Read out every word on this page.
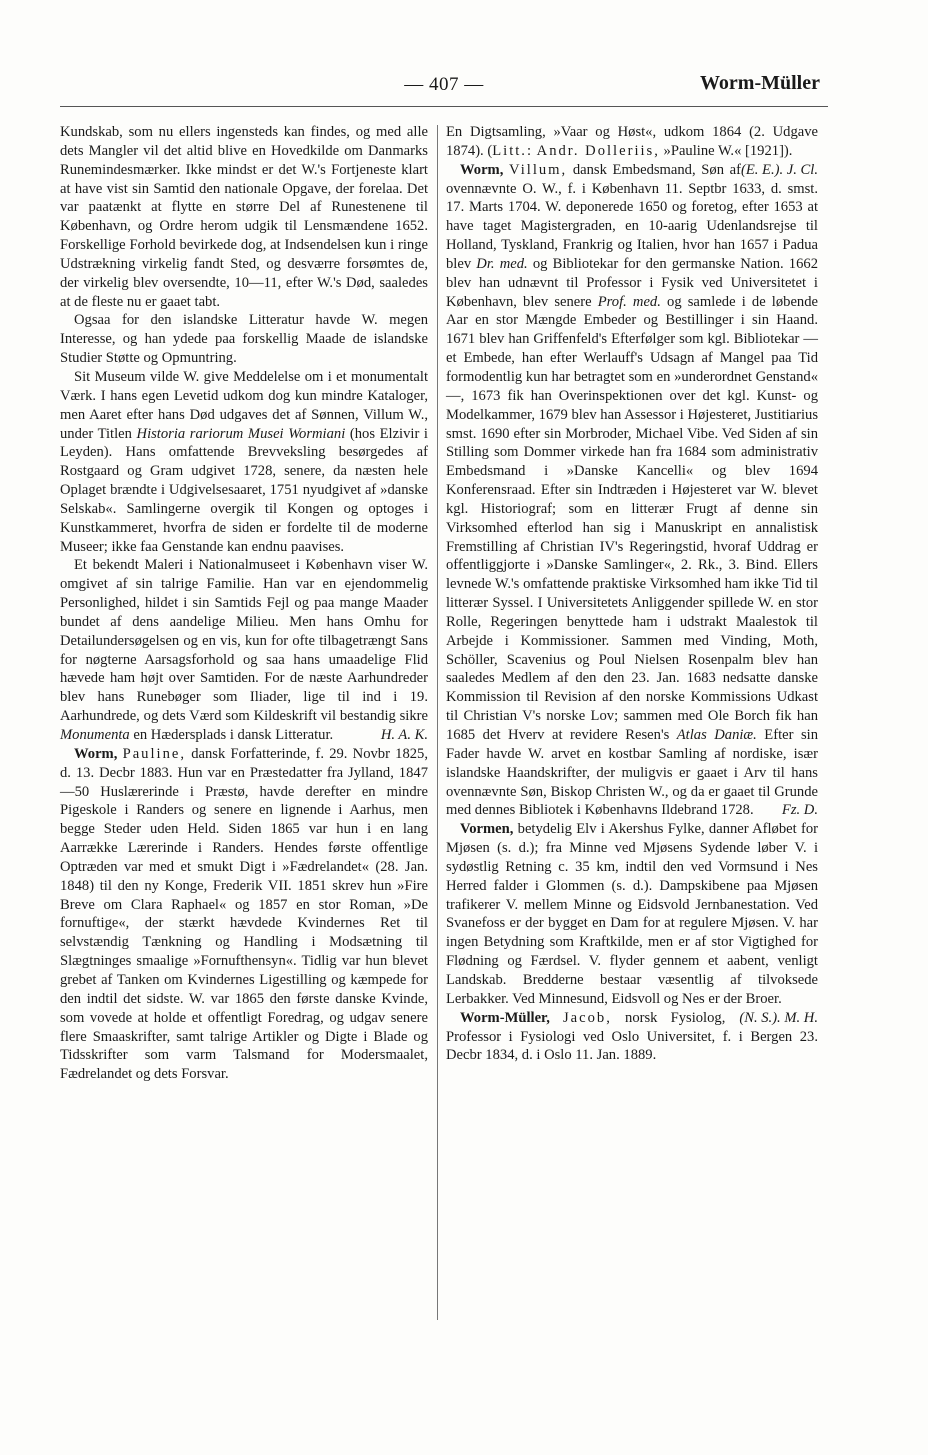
— 407 —	Worm-Müller

Kundskab, som nu ellers ingensteds kan findes, og med alle dets Mangler vil det altid blive en Hovedkilde om Danmarks Runemindesmærker. Ikke mindst er det W.'s Fortjeneste klart at have vist sin Samtid den nationale Opgave, der forelaa. Det var paatænkt at flytte en større Del af Runestenene til København, og Ordre herom udgik til Lensmændene 1652. Forskellige Forhold bevirkede dog, at Indsendelsen kun i ringe Udstrækning virkelig fandt Sted, og desværre forsømtes de, der virkelig blev oversendte, 10—11, efter W.'s Død, saaledes at de fleste nu er gaaet tabt.

Ogsaa for den islandske Litteratur havde W. megen Interesse, og han ydede paa forskellig Maade de islandske Studier Støtte og Opmuntring.

Sit Museum vilde W. give Meddelelse om i et monumentalt Værk. I hans egen Levetid udkom dog kun mindre Kataloger, men Aaret efter hans Død udgaves det af Sønnen, Villum W., under Titlen Historia rariorum Musei Wormiani (hos Elzivir i Leyden). Hans omfattende Brevveksling besørgedes af Rostgaard og Gram udgivet 1728, senere, da næsten hele Oplaget brændte i Udgivelsesaaret, 1751 nyudgivet af »danske Selskab«. Samlingerne overgik til Kongen og optoges i Kunstkammeret, hvorfra de siden er fordelte til de moderne Museer; ikke faa Genstande kan endnu paavises.

Et bekendt Maleri i Nationalmuseet i København viser W. omgivet af sin talrige Familie. Han var en ejendommelig Personlighed, hildet i sin Samtids Fejl og paa mange Maader bundet af dens aandelige Milieu. Men hans Omhu for Detailundersøgelsen og en vis, kun for ofte tilbagetrængt Sans for nøgterne Aarsagsforhold og saa hans umaadelige Flid hævede ham højt over Samtiden. For de næste Aarhundreder blev hans Runebøger som Iliader, lige til ind i 19. Aarhundrede, og dets Værd som Kildeskrift vil bestandig sikre Monumenta en Hædersplads i dansk Litteratur.	H. A. K.

Worm, Pauline, dansk Forfatterinde, f. 29. Novbr 1825, d. 13. Decbr 1883. Hun var en Præstedatter fra Jylland, 1847—50 Huslærerinde i Præstø, havde derefter en mindre Pigeskole i Randers og senere en lignende i Aarhus, men begge Steder uden Held. Siden 1865 var hun i en lang Aarrække Lærerinde i Randers. Hendes første offentlige Optræden var med et smukt Digt i »Fædrelandet« (28. Jan. 1848) til den ny Konge, Frederik VII. 1851 skrev hun »Fire Breve om Clara Raphael« og 1857 en stor Roman, »De fornuftige«, der stærkt hævdede Kvindernes Ret til selvstændig Tænkning og Handling i Modsætning til Slægtninges smaalige »Fornufthensyn«. Tidlig var hun blevet grebet af Tanken om Kvindernes Ligestilling og kæmpede for den indtil det sidste. W. var 1865 den første danske Kvinde, som vovede at holde et offentligt Foredrag, og udgav senere flere Smaaskrifter, samt talrige Artikler og Digte i Blade og Tidsskrifter som varm Talsmand for Modersmaalet, Fædrelandet og dets Forsvar.

En Digtsamling, »Vaar og Høst«, udkom 1864 (2. Udgave 1874). (Litt.: Andr. Dolleriis, »Pauline W.« [1921]).
(E. E.). J. Cl.

Worm, Villum, dansk Embedsmand, Søn af ovennævnte O. W., f. i København 11. Septbr 1633, d. smst. 17. Marts 1704. W. deponerede 1650 og foretog, efter 1653 at have taget Magistergraden, en 10-aarig Udenlandsrejse til Holland, Tyskland, Frankrig og Italien, hvor han 1657 i Padua blev Dr. med. og Bibliotekar for den germanske Nation. 1662 blev han udnævnt til Professor i Fysik ved Universitetet i København, blev senere Prof. med. og samlede i de løbende Aar en stor Mængde Embeder og Bestillinger i sin Haand. 1671 blev han Griffenfeld's Efterfølger som kgl. Bibliotekar — et Embede, han efter Werlauff's Udsagn af Mangel paa Tid formodentlig kun har betragtet som en »underordnet Genstand« —, 1673 fik han Overinspektionen over det kgl. Kunst- og Modelkammer, 1679 blev han Assessor i Højesteret, Justitiarius smst. 1690 efter sin Morbroder, Michael Vibe. Ved Siden af sin Stilling som Dommer virkede han fra 1684 som administrativ Embedsmand i »Danske Kancelli« og blev 1694 Konferensraad. Efter sin Indtræden i Højesteret var W. blevet kgl. Historiograf; som en litterær Frugt af denne sin Virksomhed efterlod han sig i Manuskript en annalistisk Fremstilling af Christian IV's Regeringstid, hvoraf Uddrag er offentliggjorte i »Danske Samlinger«, 2. Rk., 3. Bind. Ellers levnede W.'s omfattende praktiske Virksomhed ham ikke Tid til litterær Syssel. I Universitetets Anliggender spillede W. en stor Rolle, Regeringen benyttede ham i udstrakt Maalestok til Arbejde i Kommissioner. Sammen med Vinding, Moth, Schöller, Scavenius og Poul Nielsen Rosenpalm blev han saaledes Medlem af den den 23. Jan. 1683 nedsatte danske Kommission til Revision af den norske Kommissions Udkast til Christian V's norske Lov; sammen med Ole Borch fik han 1685 det Hverv at revidere Resen's Atlas Daniæ. Efter sin Fader havde W. arvet en kostbar Samling af nordiske, især islandske Haandskrifter, der muligvis er gaaet i Arv til hans ovennævnte Søn, Biskop Christen W., og da er gaaet til Grunde med dennes Bibliotek i Københavns Ildebrand 1728.	Fz. D.

Vormen, betydelig Elv i Akershus Fylke, danner Afløbet for Mjøsen (s. d.); fra Minne ved Mjøsens Sydende løber V. i sydøstlig Retning c. 35 km, indtil den ved Vormsund i Nes Herred falder i Glommen (s. d.). Dampskibene paa Mjøsen trafikerer V. mellem Minne og Eidsvold Jernbanestation. Ved Svanefoss er der bygget en Dam for at regulere Mjøsen. V. har ingen Betydning som Kraftkilde, men er af stor Vigtighed for Flødning og Færdsel. V. flyder gennem et aabent, venligt Landskab. Bredderne bestaar væsentlig af tilvoksede Lerbakker. Ved Minnesund, Eidsvoll og Nes er der Broer.
(N. S.). M. H.

Worm-Müller, Jacob, norsk Fysiolog, Professor i Fysiologi ved Oslo Universitet, f. i Bergen 23. Decbr 1834, d. i Oslo 11. Jan. 1889.
